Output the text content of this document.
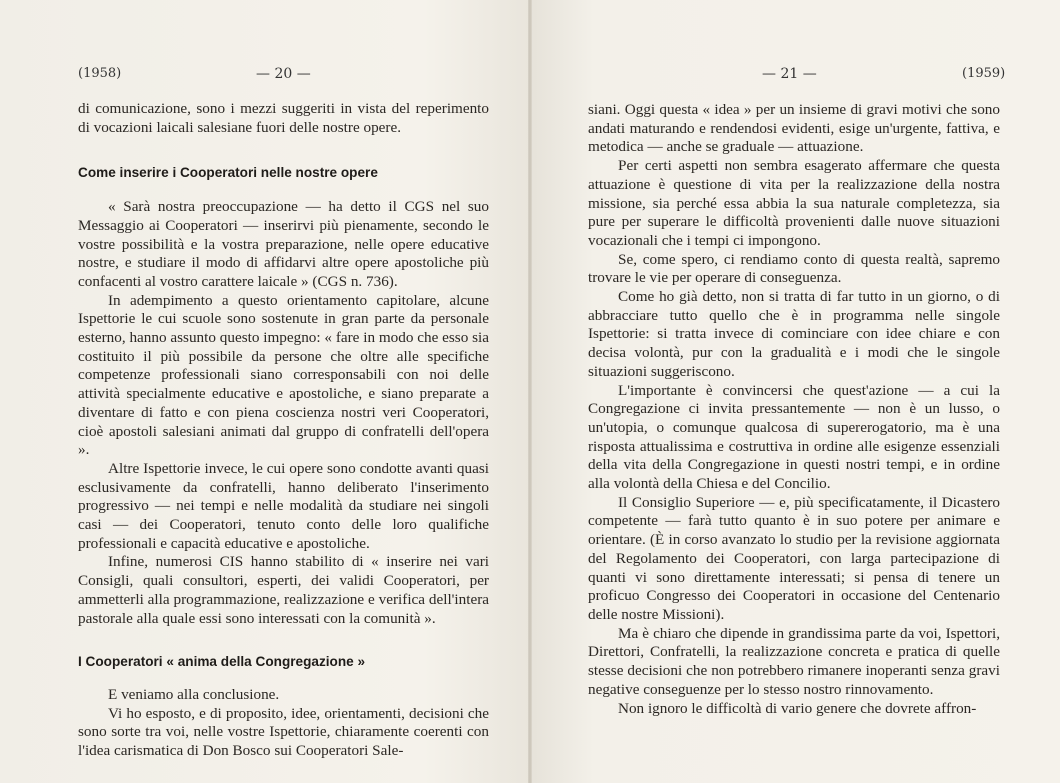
(1958)	— 20 —

di comunicazione, sono i mezzi suggeriti in vista del reperimento di vocazioni laicali salesiane fuori delle nostre opere.

Come inserire i Cooperatori nelle nostre opere

« Sarà nostra preoccupazione — ha detto il CGS nel suo Messaggio ai Cooperatori — inserirvi più pienamente, secondo le vostre possibilità e la vostra preparazione, nelle opere educative nostre, e studiare il modo di affidarvi altre opere apostoliche più confacenti al vostro carattere laicale » (CGS n. 736).

In adempimento a questo orientamento capitolare, alcune Ispettorie le cui scuole sono sostenute in gran parte da personale esterno, hanno assunto questo impegno: « fare in modo che esso sia costituito il più possibile da persone che oltre alle specifiche competenze professionali siano corresponsabili con noi delle attività specialmente educative e apostoliche, e siano preparate a diventare di fatto e con piena coscienza nostri veri Cooperatori, cioè apostoli salesiani animati dal gruppo di confratelli dell'opera ».

Altre Ispettorie invece, le cui opere sono condotte avanti quasi esclusivamente da confratelli, hanno deliberato l'inserimento progressivo — nei tempi e nelle modalità da studiare nei singoli casi — dei Cooperatori, tenuto conto delle loro qualifiche professionali e capacità educative e apostoliche.

Infine, numerosi CIS hanno stabilito di « inserire nei vari Consigli, quali consultori, esperti, dei validi Cooperatori, per ammetterli alla programmazione, realizzazione e verifica dell'intera pastorale alla quale essi sono interessati con la comunità ».

I Cooperatori « anima della Congregazione »

E veniamo alla conclusione.

Vi ho esposto, e di proposito, idee, orientamenti, decisioni che sono sorte tra voi, nelle vostre Ispettorie, chiaramente coerenti con l'idea carismatica di Don Bosco sui Cooperatori Sale-

— 21 —	(1959)

siani. Oggi questa « idea » per un insieme di gravi motivi che sono andati maturando e rendendosi evidenti, esige un'urgente, fattiva, e metodica — anche se graduale — attuazione.

Per certi aspetti non sembra esagerato affermare che questa attuazione è questione di vita per la realizzazione della nostra missione, sia perché essa abbia la sua naturale completezza, sia pure per superare le difficoltà provenienti dalle nuove situazioni vocazionali che i tempi ci impongono.

Se, come spero, ci rendiamo conto di questa realtà, sapremo trovare le vie per operare di conseguenza.

Come ho già detto, non si tratta di far tutto in un giorno, o di abbracciare tutto quello che è in programma nelle singole Ispettorie: si tratta invece di cominciare con idee chiare e con decisa volontà, pur con la gradualità e i modi che le singole situazioni suggeriscono.

L'importante è convincersi che quest'azione — a cui la Congregazione ci invita pressantemente — non è un lusso, o un'utopia, o comunque qualcosa di supererogatorio, ma è una risposta attualissima e costruttiva in ordine alle esigenze essenziali della vita della Congregazione in questi nostri tempi, e in ordine alla volontà della Chiesa e del Concilio.

Il Consiglio Superiore — e, più specificatamente, il Dicastero competente — farà tutto quanto è in suo potere per animare e orientare. (È in corso avanzato lo studio per la revisione aggiornata del Regolamento dei Cooperatori, con larga partecipazione di quanti vi sono direttamente interessati; si pensa di tenere un proficuo Congresso dei Cooperatori in occasione del Centenario delle nostre Missioni).

Ma è chiaro che dipende in grandissima parte da voi, Ispettori, Direttori, Confratelli, la realizzazione concreta e pratica di quelle stesse decisioni che non potrebbero rimanere inoperanti senza gravi negative conseguenze per lo stesso nostro rinnovamento.

Non ignoro le difficoltà di vario genere che dovrete affron-
